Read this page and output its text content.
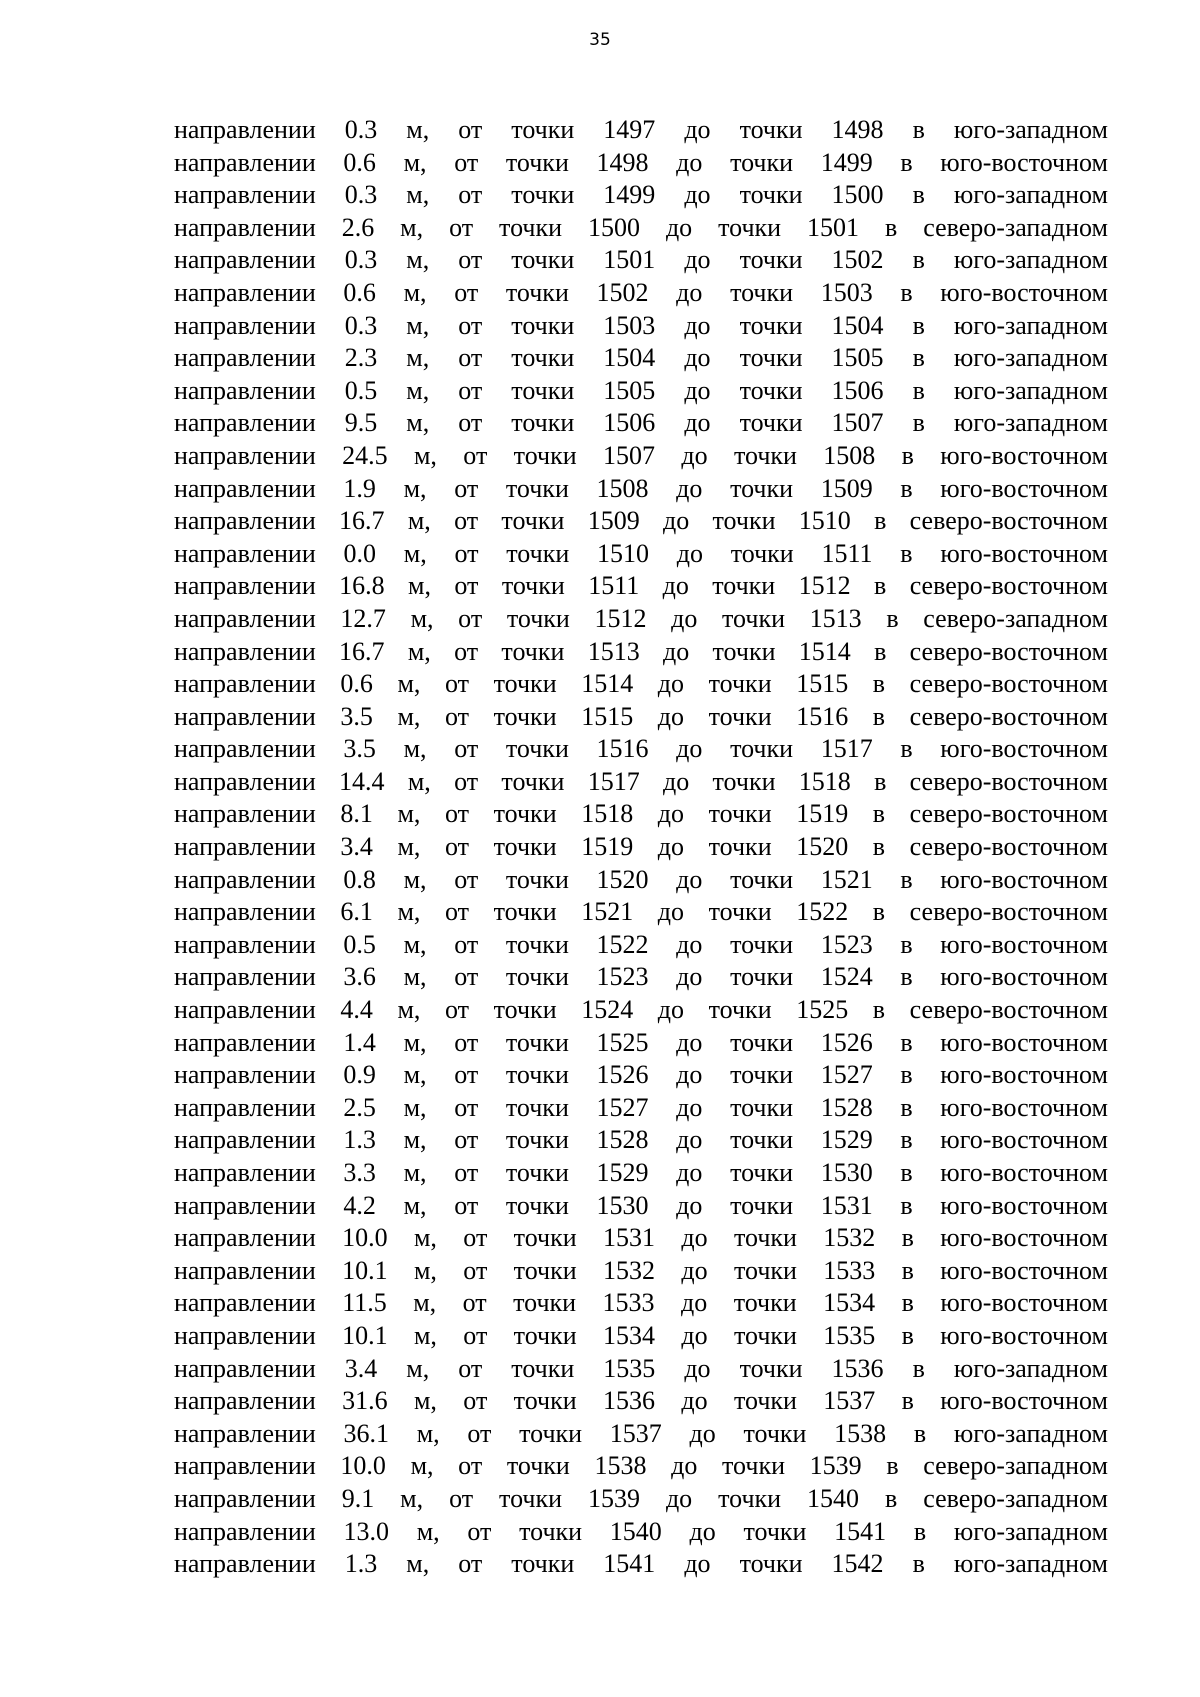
35

направлении 0.3 м, от точки 1497 до точки 1498 в юго-западном
направлении 0.6 м, от точки 1498 до точки 1499 в юго-восточном
направлении 0.3 м, от точки 1499 до точки 1500 в юго-западном
направлении 2.6 м, от точки 1500 до точки 1501 в северо-западном
направлении 0.3 м, от точки 1501 до точки 1502 в юго-западном
направлении 0.6 м, от точки 1502 до точки 1503 в юго-восточном
направлении 0.3 м, от точки 1503 до точки 1504 в юго-западном
направлении 2.3 м, от точки 1504 до точки 1505 в юго-западном
направлении 0.5 м, от точки 1505 до точки 1506 в юго-западном
направлении 9.5 м, от точки 1506 до точки 1507 в юго-западном
направлении 24.5 м, от точки 1507 до точки 1508 в юго-восточном
направлении 1.9 м, от точки 1508 до точки 1509 в юго-восточном
направлении 16.7 м, от точки 1509 до точки 1510 в северо-восточном
направлении 0.0 м, от точки 1510 до точки 1511 в юго-восточном
направлении 16.8 м, от точки 1511 до точки 1512 в северо-восточном
направлении 12.7 м, от точки 1512 до точки 1513 в северо-западном
направлении 16.7 м, от точки 1513 до точки 1514 в северо-восточном
направлении 0.6 м, от точки 1514 до точки 1515 в северо-восточном
направлении 3.5 м, от точки 1515 до точки 1516 в северо-восточном
направлении 3.5 м, от точки 1516 до точки 1517 в юго-восточном
направлении 14.4 м, от точки 1517 до точки 1518 в северо-восточном
направлении 8.1 м, от точки 1518 до точки 1519 в северо-восточном
направлении 3.4 м, от точки 1519 до точки 1520 в северо-восточном
направлении 0.8 м, от точки 1520 до точки 1521 в юго-восточном
направлении 6.1 м, от точки 1521 до точки 1522 в северо-восточном
направлении 0.5 м, от точки 1522 до точки 1523 в юго-восточном
направлении 3.6 м, от точки 1523 до точки 1524 в юго-восточном
направлении 4.4 м, от точки 1524 до точки 1525 в северо-восточном
направлении 1.4 м, от точки 1525 до точки 1526 в юго-восточном
направлении 0.9 м, от точки 1526 до точки 1527 в юго-восточном
направлении 2.5 м, от точки 1527 до точки 1528 в юго-восточном
направлении 1.3 м, от точки 1528 до точки 1529 в юго-восточном
направлении 3.3 м, от точки 1529 до точки 1530 в юго-восточном
направлении 4.2 м, от точки 1530 до точки 1531 в юго-восточном
направлении 10.0 м, от точки 1531 до точки 1532 в юго-восточном
направлении 10.1 м, от точки 1532 до точки 1533 в юго-восточном
направлении 11.5 м, от точки 1533 до точки 1534 в юго-восточном
направлении 10.1 м, от точки 1534 до точки 1535 в юго-восточном
направлении 3.4 м, от точки 1535 до точки 1536 в юго-западном
направлении 31.6 м, от точки 1536 до точки 1537 в юго-восточном
направлении 36.1 м, от точки 1537 до точки 1538 в юго-западном
направлении 10.0 м, от точки 1538 до точки 1539 в северо-западном
направлении 9.1 м, от точки 1539 до точки 1540 в северо-западном
направлении 13.0 м, от точки 1540 до точки 1541 в юго-западном
направлении 1.3 м, от точки 1541 до точки 1542 в юго-западном
